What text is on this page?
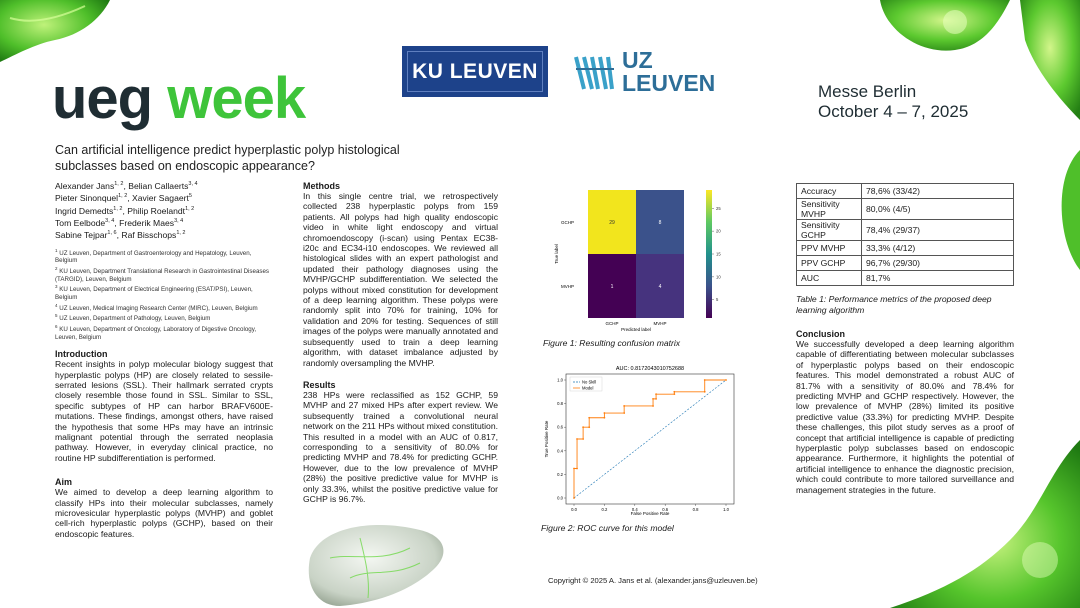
ueg week	KU LEUVEN	UZ
LEUVEN	Messe Berlin
October 4 – 7, 2025
Can artificial intelligence predict hyperplastic polyp histological subclasses based on endoscopic appearance?
Alexander Jans$^{1, 2}$, Belian Callaerts$^{3, 4}$
Pieter Sinonquel$^{1, 2}$, Xavier Sagaert$^5$
Ingrid Demedts$^{1, 2}$, Philip Roelandt$^{1, 2}$
Tom Eelbode$^{3, 4}$, Frederik Maes$^{3, 4}$
Sabine Tejpar$^{1, 6}$, Raf Bisschops$^{1, 2}$
$^1$ UZ Leuven, Department of Gastroenterology and Hepatology, Leuven, Belgium
$^2$ KU Leuven, Department Translational Research in Gastrointestinal Diseases (TARGID), Leuven, Belgium
$^3$ KU Leuven, Department of Electrical Engineering (ESAT/PSI), Leuven, Belgium
$^4$ UZ Leuven, Medical Imaging Research Center (MIRC), Leuven, Belgium
$^5$ UZ Leuven, Department of Pathology, Leuven, Belgium
$^6$ KU Leuven, Department of Oncology, Laboratory of Digestive Oncology, Leuven, Belgium
Introduction
Recent insights in polyp molecular biology suggest that hyperplastic polyps (HP) are closely related to sessile-serrated lesions (SSL). Their hallmark serrated crypts closely resemble those found in SSL. Similar to SSL, specific subtypes of HP can harbor BRAFV600E-mutations. These findings, amongst others, have raised the hypothesis that some HPs may have an intrinsic malignant potential through the serrated neoplasia pathway. However, in everyday clinical practice, no routine HP subdifferentiation is performed.
Aim
We aimed to develop a deep learning algorithm to classify HPs into their molecular subclasses, namely microvesicular hyperplastic polyps (MVHP) and goblet cell-rich hyperplastic polyps (GCHP), based on their endoscopic features.
Methods
In this single centre trial, we retrospectively collected 238 hyperplastic polyps from 159 patients. All polyps had high quality endoscopic video in white light endoscopy and virtual chromoendoscopy (i-scan) using Pentax EC38-i20c and EC34-i10 endoscopes. We reviewed all histological slides with an expert pathologist and updated their pathology diagnoses using the MVHP/GCHP subdifferentiation. We selected the polyps without mixed constitution for development of a deep learning algorithm. These polyps were randomly split into 70% for training, 10% for validation and 20% for testing. Sequences of still images of the polyps were manually annotated and subsequently used to train a deep learning algorithm, with dataset imbalance adjusted by randomly oversampling the MVHP.
Results
238 HPs were reclassified as 152 GCHP, 59 MVHP and 27 mixed HPs after expert review. We subsequently trained a convolutional neural network on the 211 HPs without mixed constitution. This resulted in a model with an AUC of 0.817, corresponding to a sensitivity of 80.0% for predicting MVHP and 78.4% for predicting GCHP. However, due to the low prevalence of MVHP (28%) the positive predictive value for MVHP is only 33.3%, whilst the positive predictive value for GCHP is 96.7%.
29	8
1	4
GCHP
MVHP
GCHP	MVHP
Predicted label
True label
25
20
15
10
5
Figure 1: Resulting confusion matrix
AUC: 0.8172043010752688
0.0	0.2	0.4	0.6	0.8	1.0
0.0
0.2
0.4
0.6
0.8
1.0	No Skill
Model
False Positive Rate
True Positive Rate
Figure 2: ROC curve for this model
Accuracy	78,6% (33/42)
Sensitivity MVHP	80,0% (4/5)
Sensitivity GCHP	78,4% (29/37)
PPV MVHP	33,3% (4/12)
PPV GCHP	96,7% (29/30)
AUC	81,7%
Table 1: Performance metrics of the proposed deep learning algorithm
Conclusion
We successfully developed a deep learning algorithm capable of differentiating between molecular subclasses of hyperplastic polyps based on their endoscopic features. This model demonstrated a robust AUC of 81.7% with a sensitivity of 80.0% and 78.4% for predicting MVHP and GCHP respectively. However, the low prevalence of MVHP (28%) limited its positive predictive value (33.3%) for predicting MVHP. Despite these challenges, this pilot study serves as a proof of concept that artificial intelligence is capable of predicting hyperplastic polyp subclasses based on endoscopic appearance. Furthermore, it highlights the potential of artificial intelligence to enhance the diagnostic precision, which could contribute to more tailored surveillance and management strategies in the future.
Copyright © 2025 A. Jans et al. (alexander.jans@uzleuven.be)
